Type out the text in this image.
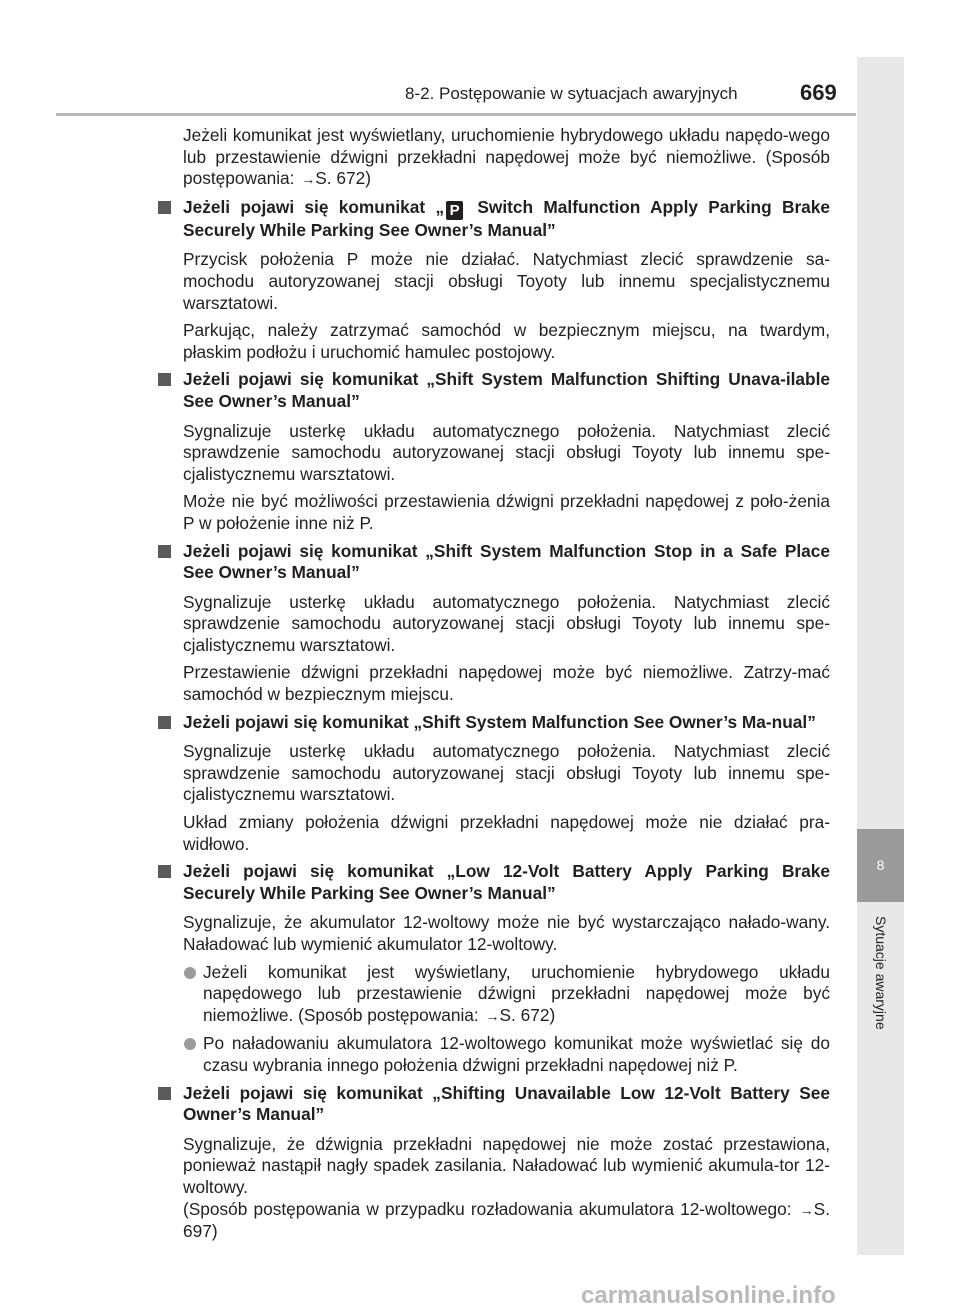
8-2. Postępowanie w sytuacjach awaryjnych	669
8
Sytuacje awaryjne

Jeżeli komunikat jest wyświetlany, uruchomienie hybrydowego układu napędo-wego lub przestawienie dźwigni przekładni napędowej może być niemożliwe. (Sposób postępowania: →S. 672)

Jeżeli pojawi się komunikat „ P Switch Malfunction Apply Parking Brake Securely While Parking See Owner’s Manual”

Przycisk położenia P może nie działać. Natychmiast zlecić sprawdzenie sa-mochodu autoryzowanej stacji obsługi Toyoty lub innemu specjalistycznemu warsztatowi.

Parkując, należy zatrzymać samochód w bezpiecznym miejscu, na twardym, płaskim podłożu i uruchomić hamulec postojowy.

Jeżeli pojawi się komunikat „Shift System Malfunction Shifting Unava-ilable See Owner’s Manual”

Sygnalizuje usterkę układu automatycznego położenia. Natychmiast zlecić sprawdzenie samochodu autoryzowanej stacji obsługi Toyoty lub innemu spe-cjalistycznemu warsztatowi.

Może nie być możliwości przestawienia dźwigni przekładni napędowej z poło-żenia P w położenie inne niż P.

Jeżeli pojawi się komunikat „Shift System Malfunction Stop in a Safe Place See Owner’s Manual”

Sygnalizuje usterkę układu automatycznego położenia. Natychmiast zlecić sprawdzenie samochodu autoryzowanej stacji obsługi Toyoty lub innemu spe-cjalistycznemu warsztatowi.

Przestawienie dźwigni przekładni napędowej może być niemożliwe. Zatrzy-mać samochód w bezpiecznym miejscu.

Jeżeli pojawi się komunikat „Shift System Malfunction See Owner’s Ma-nual”

Sygnalizuje usterkę układu automatycznego położenia. Natychmiast zlecić sprawdzenie samochodu autoryzowanej stacji obsługi Toyoty lub innemu spe-cjalistycznemu warsztatowi.

Układ zmiany położenia dźwigni przekładni napędowej może nie działać pra-widłowo.

Jeżeli pojawi się komunikat „Low 12-Volt Battery Apply Parking Brake Securely While Parking See Owner’s Manual”

Sygnalizuje, że akumulator 12-woltowy może nie być wystarczająco nałado-wany. Naładować lub wymienić akumulator 12-woltowy.

Jeżeli komunikat jest wyświetlany, uruchomienie hybrydowego układu napędowego lub przestawienie dźwigni przekładni napędowej może być niemożliwe. (Sposób postępowania: →S. 672)

Po naładowaniu akumulatora 12-woltowego komunikat może wyświetlać się do czasu wybrania innego położenia dźwigni przekładni napędowej niż P.

Jeżeli pojawi się komunikat „Shifting Unavailable Low 12-Volt Battery See Owner’s Manual”

Sygnalizuje, że dźwignia przekładni napędowej nie może zostać przestawiona, ponieważ nastąpił nagły spadek zasilania. Naładować lub wymienić akumula-tor 12-woltowy.

(Sposób postępowania w przypadku rozładowania akumulatora 12-woltowego: →S. 697)

carmanualsonline.info
